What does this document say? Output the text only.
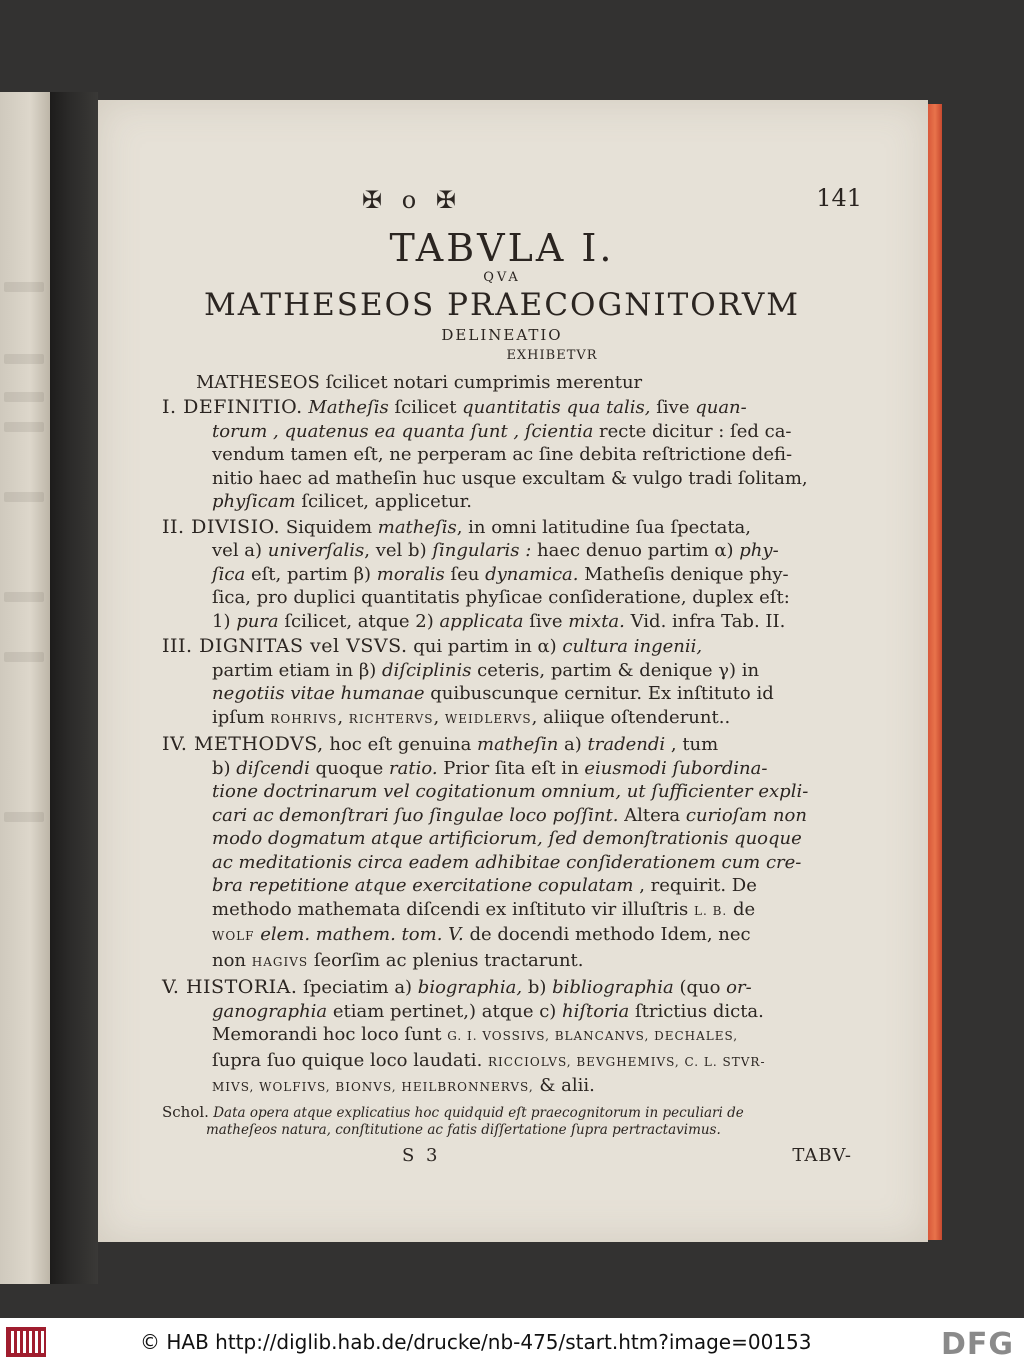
✠ o ✠	141
TABVLA I.
QVA
MATHESEOS PRAECOGNITORVM
DELINEATIO
EXHIBETVR
MATHESEOS ſcilicet notari cumprimis merentur

I. DEFINITIO. Matheſis ſcilicet quantitatis qua talis, ſive quan-

torum , quatenus ea quanta ſunt , ſcientia recte dicitur : ſed ca-

vendum tamen eſt, ne perperam ac ſine debita reſtrictione defi-

nitio haec ad matheſin huc usque excultam & vulgo tradi ſolitam,

phyſicam ſcilicet, applicetur.

II. DIVISIO. Siquidem matheſis, in omni latitudine ſua ſpectata,

vel a) univerſalis, vel b) ſingularis : haec denuo partim α) phy-

ſica eſt, partim β) moralis ſeu dynamica. Matheſis denique phy-

ſica, pro duplici quantitatis phyſicae conſideratione, duplex eſt:

1) pura ſcilicet, atque 2) applicata ſive mixta. Vid. infra Tab. II.

III. DIGNITAS vel VSVS. qui partim in α) cultura ingenii,

partim etiam in β) diſciplinis ceteris, partim & denique γ) in

negotiis vitae humanae quibuscunque cernitur. Ex inſtituto id

ipſum ROHRIVS, RICHTERVS, WEIDLERVS, aliique oſtenderunt..

IV. METHODVS, hoc eſt genuina matheſin a) tradendi , tum

b) diſcendi quoque ratio. Prior ſita eſt in eiusmodi ſubordina-

tione doctrinarum vel cogitationum omnium, ut ſufficienter expli-

cari ac demonſtrari ſuo ſingulae loco poſſint. Altera curioſam non

modo dogmatum atque artificiorum, ſed demonſtrationis quoque

ac meditationis circa eadem adhibitae conſiderationem cum cre-

bra repetitione atque exercitatione copulatam , requirit. De

methodo mathemata diſcendi ex inſtituto vir illuſtris L. B. de

WOLF elem. mathem. tom. V. de docendi methodo Idem, nec

non HAGIVS ſeorſim ac plenius tractarunt.

V. HISTORIA. ſpeciatim a) biographia, b) bibliographia (quo or-

ganographia etiam pertinet,) atque c) hiſtoria ſtrictius dicta.

Memorandi hoc loco ſunt G. I. VOSSIVS, BLANCANVS, DECHALES,

ſupra ſuo quique loco laudati. RICCIOLVS, BEVGHEMIVS, C. L. STVR-

MIVS, WOLFIVS, BIONVS, HEILBRONNERVS, & alii.

Schol. Data opera atque explicatius hoc quidquid eſt praecognitorum in peculiari de

matheſeos natura, conſtitutione ac fatis diſſertatione ſupra pertractavimus.

S 3	TABV-
© HAB http://diglib.hab.de/drucke/nb-475/start.htm?image=00153	DFG
